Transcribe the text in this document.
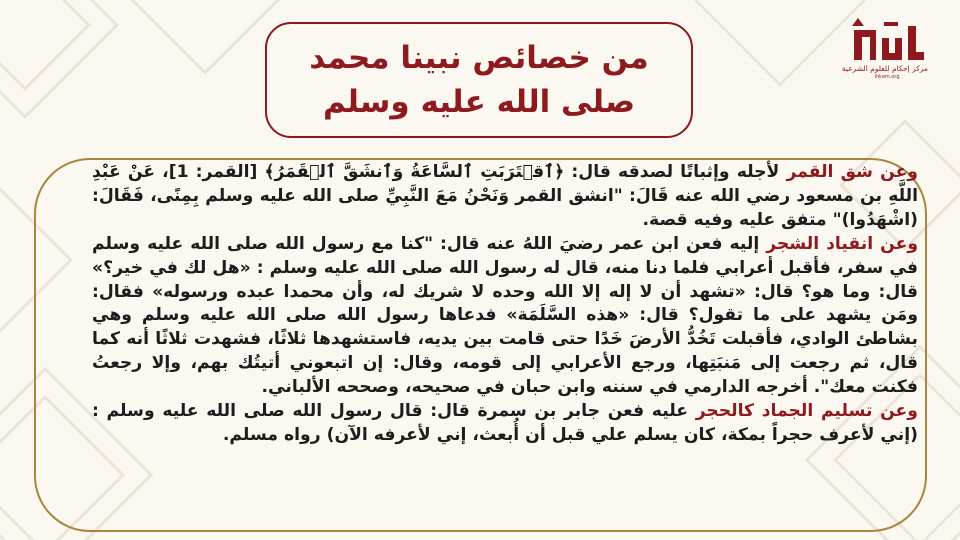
مركز إحكام للعلوم الشرعية
ihkam.org
من خصائص نبينا محمد صلى الله عليه وسلم

وعن شق القمر لأجله وإثباتًا لصدقه قال: ﴿ٱقۡتَرَبَتِ ٱلسَّاعَةُ وَٱنشَقَّ ٱلۡقَمَرُ﴾ [القمر: 1]، عَنْ عَبْدِ اللَّهِ بن مسعود رضي الله عنه قَالَ: "انشق القمر وَنَحْنُ مَعَ النَّبِيِّ صلى الله عليه وسلم بِمِنًى، فَقَالَ: (اشْهَدُوا)" متفق عليه وفيه قصة.
وعن انقياد الشجر إليه فعن ابن عمر رضيَ اللهُ عنه قال: "كنا مع رسول الله صلى الله عليه وسلم في سفر، فأقبل أعرابي فلما دنا منه، قال له رسول الله صلى الله عليه وسلم : «هل لك في خير؟» قال: وما هو؟ قال: «تشهد أن لا إله إلا الله وحده لا شريك له، وأن محمدا عبده ورسوله» فقال: ومَن يشهد على ما تقول؟ قال: «هذه السَّلَمَة» فدعاها رسول الله صلى الله عليه وسلم وهي بشاطئ الوادي، فأقبلت تَخُدُّ الأرضَ خَدًا حتى قامت بين يديه، فاستشهدها ثلاثًا، فشهدت ثلاثًا أنه كما قال، ثم رجعت إلى مَنبَتِها، ورجع الأعرابي إلى قومه، وقال: إن اتبعوني أتيتُك بهم، وإلا رجعتُ فكنت معك". أخرجه الدارمي في سننه وابن حبان في صحيحه، وصححه الألباني.
وعن تسليم الجماد كالحجر عليه فعن جابر بن سمرة قال: قال رسول الله صلى الله عليه وسلم : (إني لأعرف حجراً بمكة، كان يسلم علي قبل أن أُبعث، إني لأعرفه الآن) رواه مسلم.
